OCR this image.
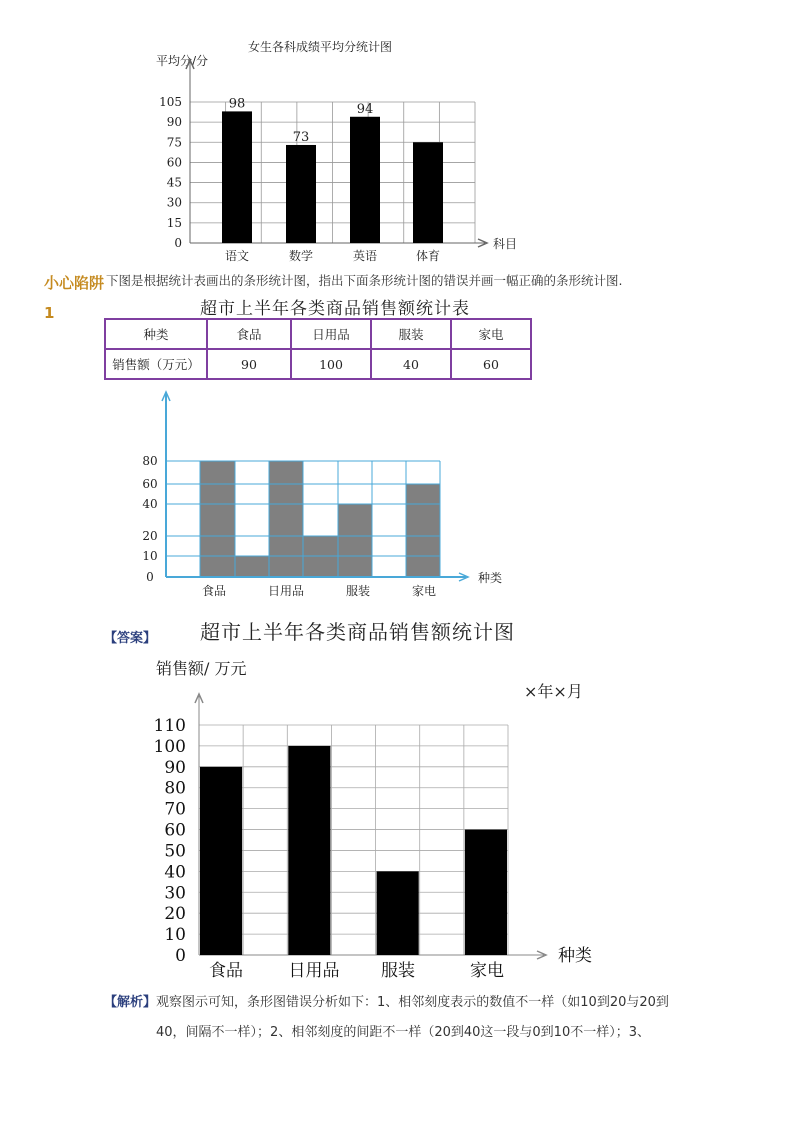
女生各科成绩平均分统计图
平均分/分
0
15
30
45
60
75
90
105
科目
98
语文
73
数学
94
英语	体育
小心陷阱1
下图是根据统计表画出的条形统计图，指出下面条形统计图的错误并画一幅正确的条形统计图.
超市上半年各类商品销售额统计表
种类	食品	日用品	服装	家电
销售额（万元）	90	100	40	60
0
10
20
40
60
80
种类
食品	日用品	服装	家电
【答案】 超市上半年各类商品销售额统计图
销售额/ 万元
×年×月
0
10
20
30
40
50
60
70
80
90
100
110
种类
食品	日用品 服装	家电
【解析】观察图示可知，条形图错误分析如下：1、相邻刻度表示的数值不一样（如10到20与20到
40，间隔不一样）；2、相邻刻度的间距不一样（20到40这一段与0到10不一样）；3、
